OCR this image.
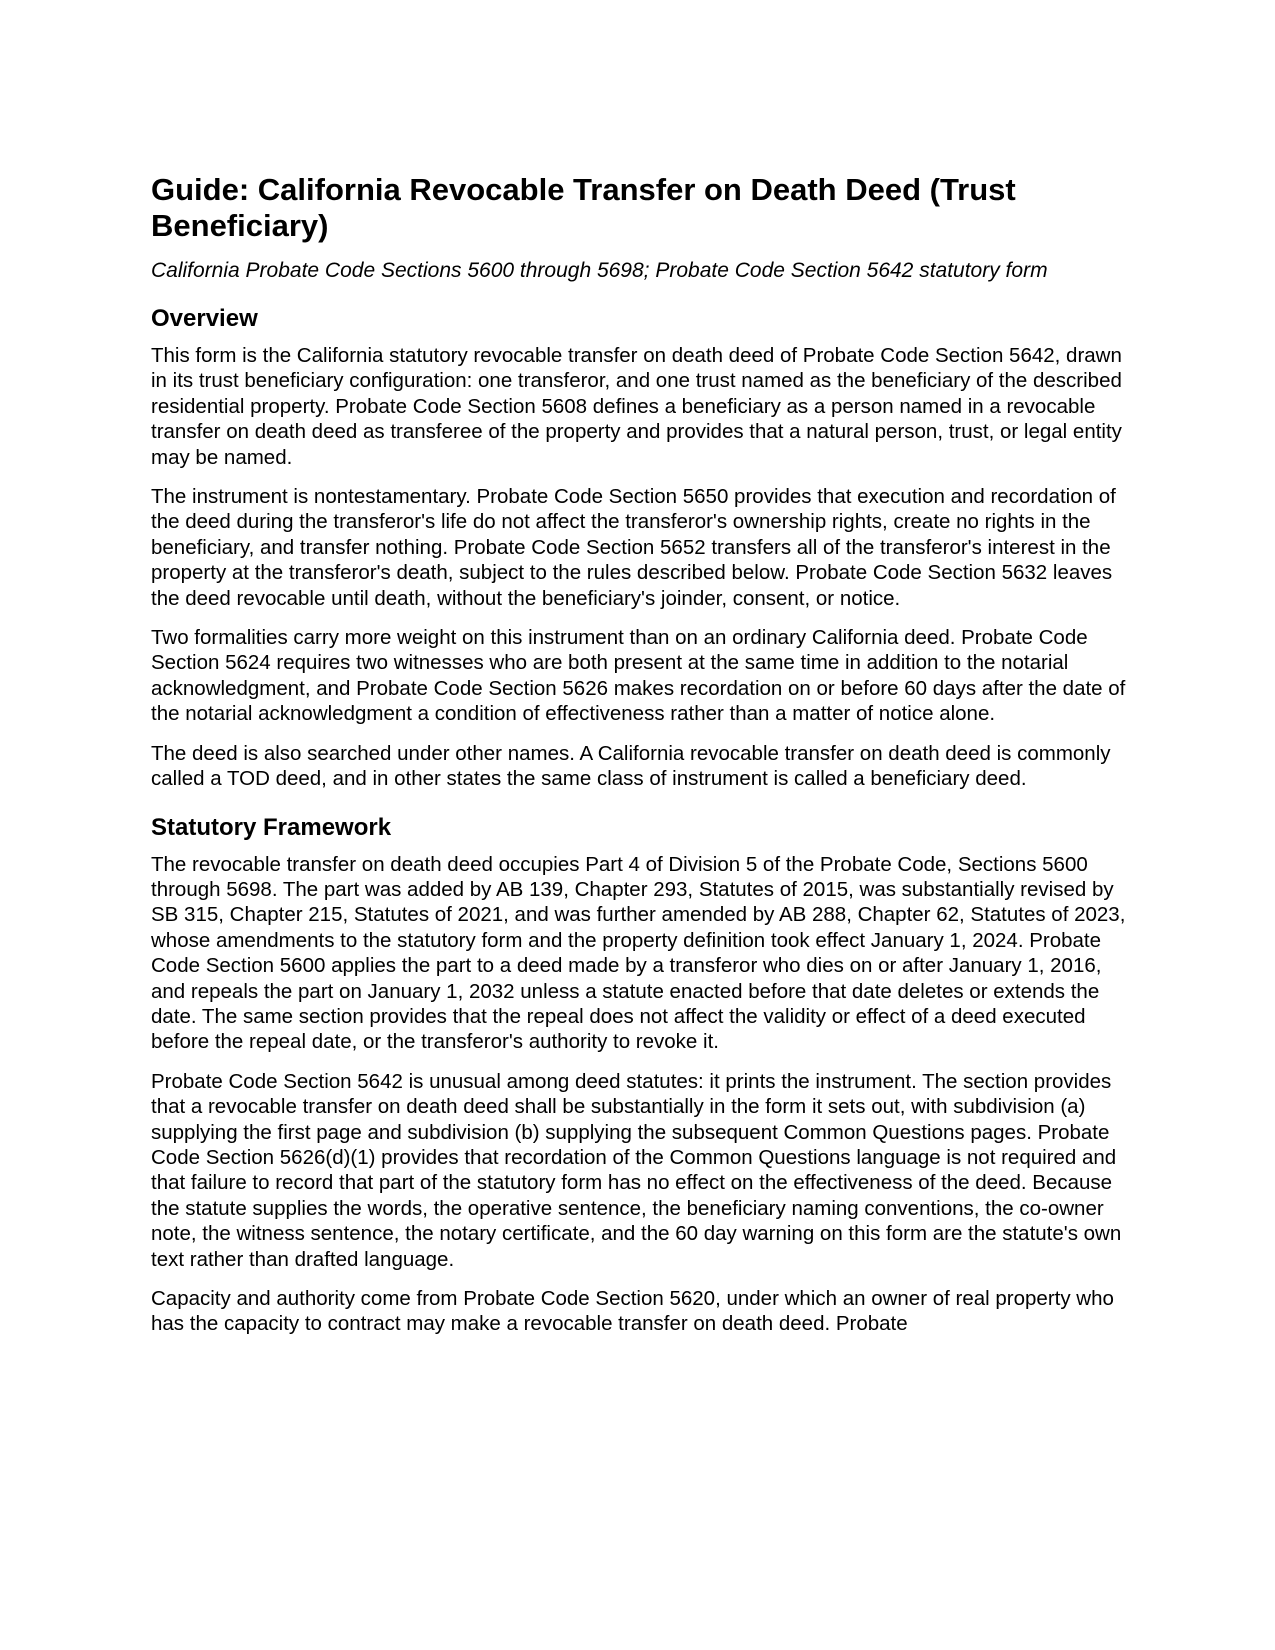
Guide: California Revocable Transfer on Death Deed (Trust Beneficiary)
California Probate Code Sections 5600 through 5698; Probate Code Section 5642 statutory form
Overview

This form is the California statutory revocable transfer on death deed of Probate Code Section 5642, drawn in its trust beneficiary configuration: one transferor, and one trust named as the beneficiary of the described residential property. Probate Code Section 5608 defines a beneficiary as a person named in a revocable transfer on death deed as transferee of the property and provides that a natural person, trust, or legal entity may be named.

The instrument is nontestamentary. Probate Code Section 5650 provides that execution and recordation of the deed during the transferor's life do not affect the transferor's ownership rights, create no rights in the beneficiary, and transfer nothing. Probate Code Section 5652 transfers all of the transferor's interest in the property at the transferor's death, subject to the rules described below. Probate Code Section 5632 leaves the deed revocable until death, without the beneficiary's joinder, consent, or notice.

Two formalities carry more weight on this instrument than on an ordinary California deed. Probate Code Section 5624 requires two witnesses who are both present at the same time in addition to the notarial acknowledgment, and Probate Code Section 5626 makes recordation on or before 60 days after the date of the notarial acknowledgment a condition of effectiveness rather than a matter of notice alone.

The deed is also searched under other names. A California revocable transfer on death deed is commonly called a TOD deed, and in other states the same class of instrument is called a beneficiary deed.

Statutory Framework

The revocable transfer on death deed occupies Part 4 of Division 5 of the Probate Code, Sections 5600 through 5698. The part was added by AB 139, Chapter 293, Statutes of 2015, was substantially revised by SB 315, Chapter 215, Statutes of 2021, and was further amended by AB 288, Chapter 62, Statutes of 2023, whose amendments to the statutory form and the property definition took effect January 1, 2024. Probate Code Section 5600 applies the part to a deed made by a transferor who dies on or after January 1, 2016, and repeals the part on January 1, 2032 unless a statute enacted before that date deletes or extends the date. The same section provides that the repeal does not affect the validity or effect of a deed executed before the repeal date, or the transferor's authority to revoke it.

Probate Code Section 5642 is unusual among deed statutes: it prints the instrument. The section provides that a revocable transfer on death deed shall be substantially in the form it sets out, with subdivision (a) supplying the first page and subdivision (b) supplying the subsequent Common Questions pages. Probate Code Section 5626(d)(1) provides that recordation of the Common Questions language is not required and that failure to record that part of the statutory form has no effect on the effectiveness of the deed. Because the statute supplies the words, the operative sentence, the beneficiary naming conventions, the co-owner note, the witness sentence, the notary certificate, and the 60 day warning on this form are the statute's own text rather than drafted language.

Capacity and authority come from Probate Code Section 5620, under which an owner of real property who has the capacity to contract may make a revocable transfer on death deed. Probate
